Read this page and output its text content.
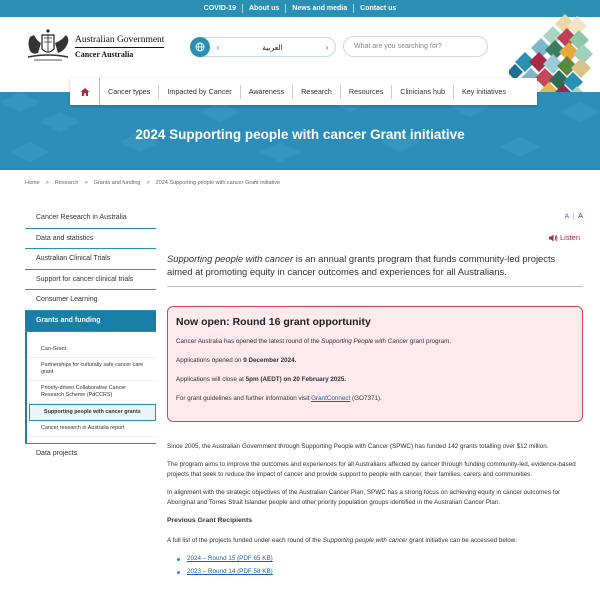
COVID-19	About us	News and media	Contact us
Australian Government
Cancer Australia
‹	العربية	›	What are you searching for?
2024 Supporting people with cancer Grant initiative
Cancer types	Impacted by Cancer	Awareness	Research	Resources	Clinicians hub	Key initiatives
Home > Research > Grants and funding > 2024 Supporting people with cancer Grant initiative
Cancer Research in Australia
Data and statistics
Australian Clinical Trials
Support for cancer clinical trials
Consumer Learning
Grants and funding
Can-Grant
Partnerships for culturally safe cancer care grant
Priority-driven Collaborative Cancer Research Scheme (PdCCRS)
Supporting people with cancer grants
Cancer research in Australia report
Data projects
A | A
Listen
Supporting people with cancer is an annual grants program that funds community-led projects aimed at promoting equity in cancer outcomes and experiences for all Australians.
Now open: Round 16 grant opportunity

Cancer Australia has opened the latest round of the Supporting People with Cancer grant program.

Applications opened on 9 December 2024.

Applications will close at 5pm (AEDT) on 20 February 2025.

For grant guidelines and further information visit GrantConnect (GO7371).

Since 2005, the Australian Government through Supporting People with Cancer (SPWC) has funded 142 grants totalling over $12 million.

The program aims to improve the outcomes and experiences for all Australians affected by cancer through funding community-led, evidence-based projects that seek to reduce the impact of cancer and provide support to people with cancer, their families, carers and communities.

In alignment with the strategic objectives of the Australian Cancer Plan, SPWC has a strong focus on achieving equity in cancer outcomes for Aboriginal and Torres Strait Islander people and other priority population groups identified in the Australian Cancer Plan.

Previous Grant Recipients

A full list of the projects funded under each round of the Supporting people with cancer grant initiative can be accessed below:

2024 – Round 15 (PDF 65 KB)
2023 – Round 14 (PDF 58 KB)
